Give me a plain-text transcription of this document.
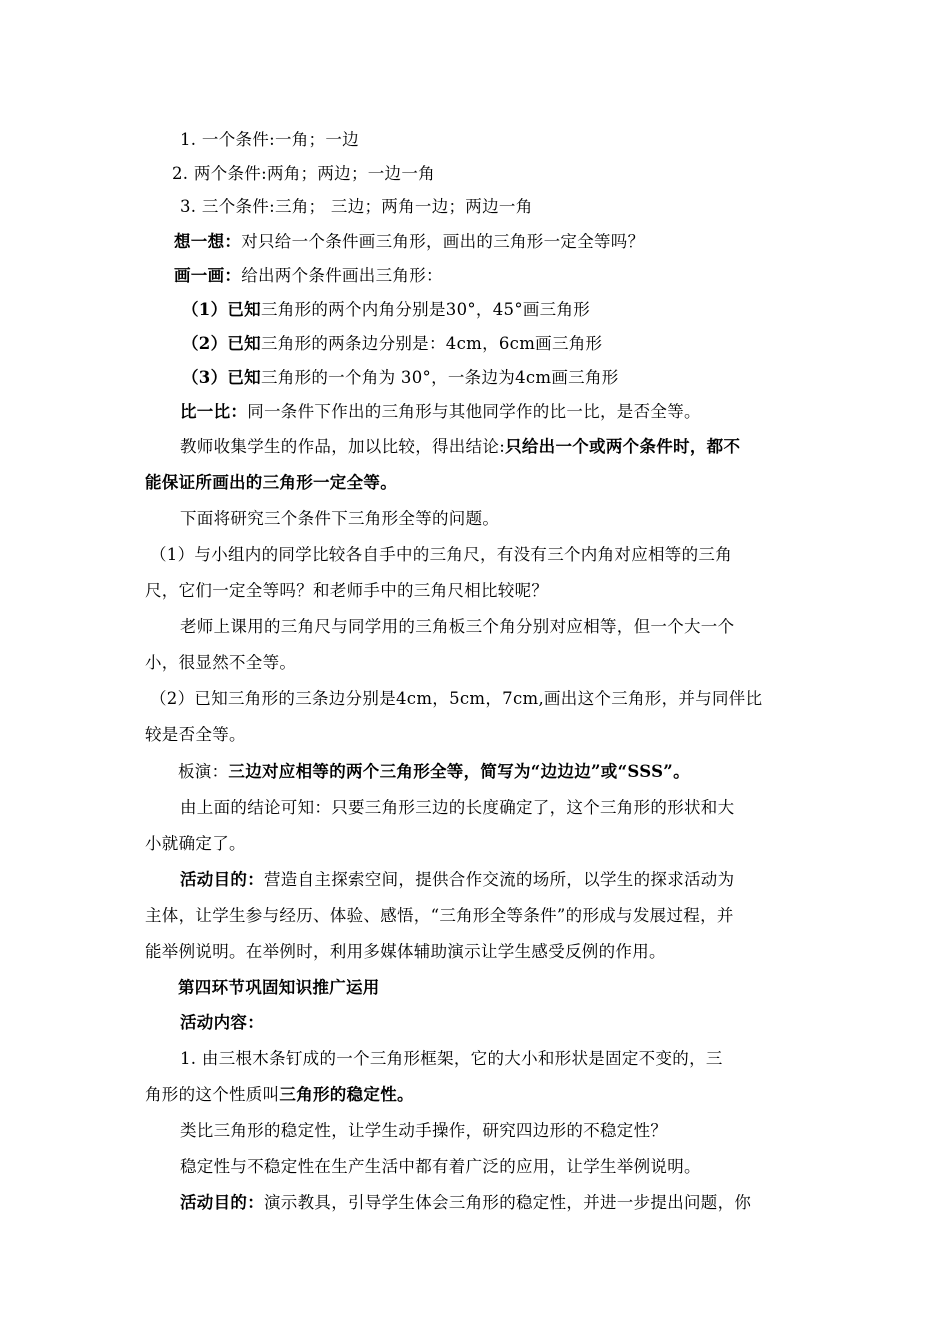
1. 一个条件:一角；一边
2. 两个条件:两角；两边；一边一角
3. 三个条件:三角； 三边；两角一边；两边一角
想一想：对只给一个条件画三角形，画出的三角形一定全等吗？
画一画：给出两个条件画出三角形：
（1）已知三角形的两个内角分别是30°，45°画三角形
（2）已知三角形的两条边分别是：4cm，6cm画三角形
（3）已知三角形的一个角为 30°，一条边为4cm画三角形
比一比：同一条件下作出的三角形与其他同学作的比一比，是否全等。
教师收集学生的作品，加以比较，得出结论:只给出一个或两个条件时，都不
能保证所画出的三角形一定全等。
下面将研究三个条件下三角形全等的问题。
（1）与小组内的同学比较各自手中的三角尺，有没有三个内角对应相等的三角
尺，它们一定全等吗？和老师手中的三角尺相比较呢？
老师上课用的三角尺与同学用的三角板三个角分别对应相等，但一个大一个
小，很显然不全等。
（2）已知三角形的三条边分别是4cm，5cm，7cm,画出这个三角形，并与同伴比
较是否全等。
板演：三边对应相等的两个三角形全等，简写为“边边边”或“SSS”。
由上面的结论可知：只要三角形三边的长度确定了，这个三角形的形状和大
小就确定了。
活动目的：营造自主探索空间，提供合作交流的场所，以学生的探求活动为
主体，让学生参与经历、体验、感悟，“三角形全等条件”的形成与发展过程，并
能举例说明。在举例时，利用多媒体辅助演示让学生感受反例的作用。
第四环节巩固知识推广运用
活动内容：
1. 由三根木条钉成的一个三角形框架，它的大小和形状是固定不变的，三
角形的这个性质叫三角形的稳定性。
类比三角形的稳定性，让学生动手操作，研究四边形的不稳定性？
稳定性与不稳定性在生产生活中都有着广泛的应用，让学生举例说明。
活动目的：演示教具，引导学生体会三角形的稳定性，并进一步提出问题，你
